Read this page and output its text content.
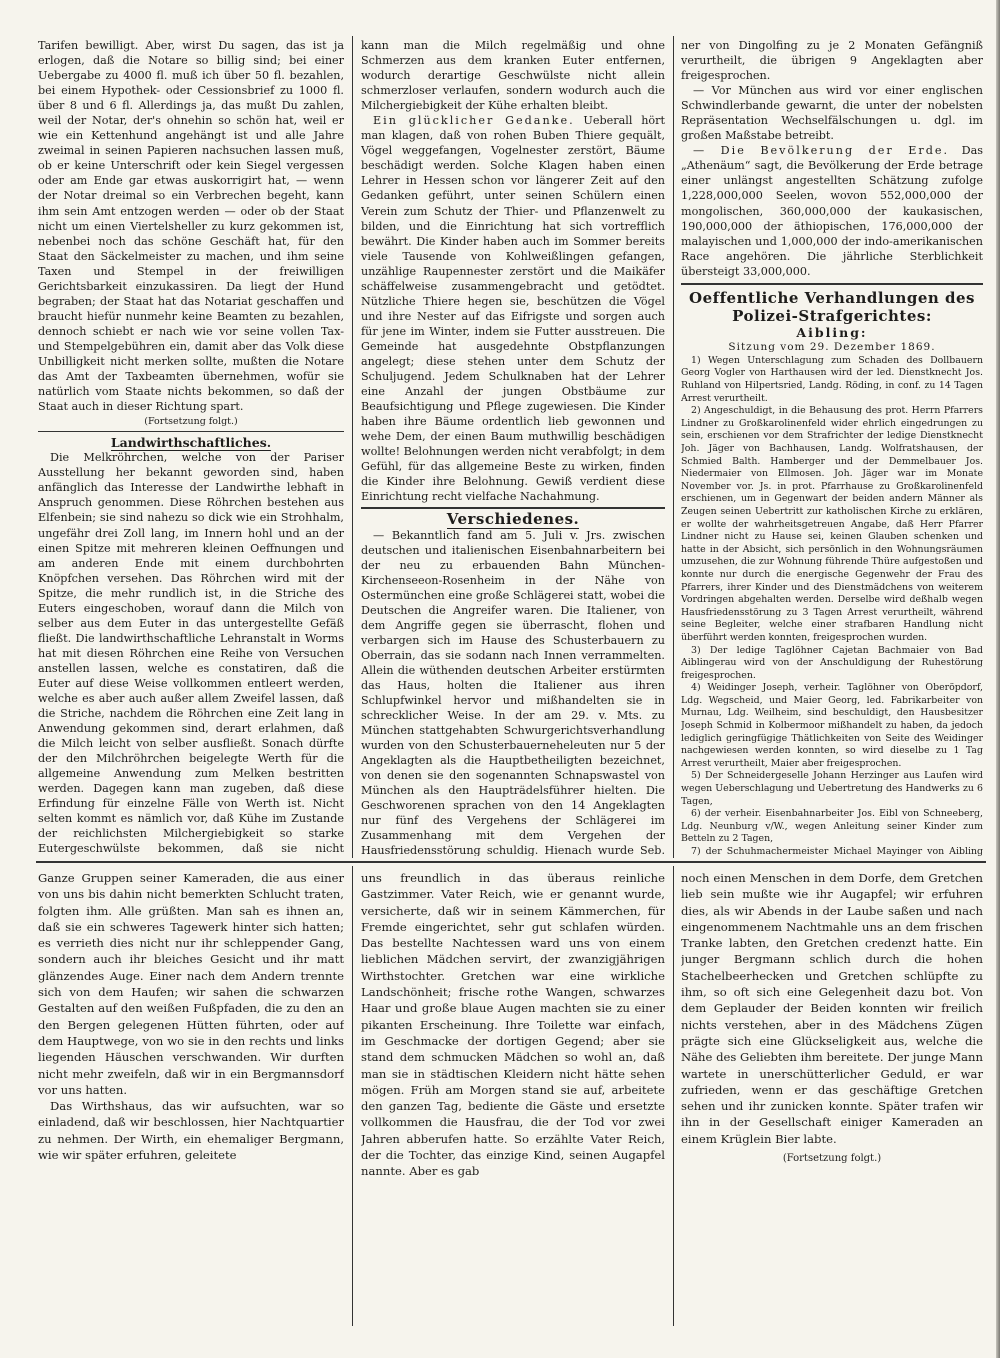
Tarifen bewilligt. Aber, wirst Du sagen, das ist ja erlogen, daß die Notare so billig sind; bei einer Uebergabe zu 4000 fl. muß ich über 50 fl. bezahlen, bei einem Hypothek- oder Cessionsbrief zu 1000 fl. über 8 und 6 fl. Allerdings ja, das mußt Du zahlen, weil der Notar, der's ohnehin so schön hat, weil er wie ein Kettenhund angehängt ist und alle Jahre zweimal in seinen Papieren nachsuchen lassen muß, ob er keine Unterschrift oder kein Siegel vergessen oder am Ende gar etwas auskorrigirt hat, — wenn der Notar dreimal so ein Verbrechen begeht, kann ihm sein Amt entzogen werden — oder ob der Staat nicht um einen Viertelsheller zu kurz gekommen ist, nebenbei noch das schöne Geschäft hat, für den Staat den Säckelmeister zu machen, und ihm seine Taxen und Stempel in der freiwilligen Gerichtsbarkeit einzukassiren. Da liegt der Hund begraben; der Staat hat das Notariat geschaffen und braucht hiefür nunmehr keine Beamten zu bezahlen, dennoch schiebt er nach wie vor seine vollen Tax- und Stempelgebühren ein, damit aber das Volk diese Unbilligkeit nicht merken sollte, mußten die Notare das Amt der Taxbeamten übernehmen, wofür sie natürlich vom Staate nichts bekommen, so daß der Staat auch in dieser Richtung spart.

(Fortsetzung folgt.)

Landwirthschaftliches.

Die Melkröhrchen, welche von der Pariser Ausstellung her bekannt geworden sind, haben anfänglich das Interesse der Landwirthe lebhaft in Anspruch genommen. Diese Röhrchen bestehen aus Elfenbein; sie sind nahezu so dick wie ein Strohhalm, ungefähr drei Zoll lang, im Innern hohl und an der einen Spitze mit mehreren kleinen Oeffnungen und am anderen Ende mit einem durchbohrten Knöpfchen versehen. Das Röhrchen wird mit der Spitze, die mehr rundlich ist, in die Striche des Euters eingeschoben, worauf dann die Milch von selber aus dem Euter in das untergestellte Gefäß fließt. Die landwirthschaftliche Lehranstalt in Worms hat mit diesen Röhrchen eine Reihe von Versuchen anstellen lassen, welche es constatiren, daß die Euter auf diese Weise vollkommen entleert werden, welche es aber auch außer allem Zweifel lassen, daß die Striche, nachdem die Röhrchen eine Zeit lang in Anwendung gekommen sind, derart erlahmen, daß die Milch leicht von selber ausfließt. Sonach dürfte der den Milchröhrchen beigelegte Werth für die allgemeine Anwendung zum Melken bestritten werden. Dagegen kann man zugeben, daß diese Erfindung für einzelne Fälle von Werth ist. Nicht selten kommt es nämlich vor, daß Kühe im Zustande der reichlichsten Milchergiebigkeit so starke Eutergeschwülste bekommen, daß sie nicht

kann man die Milch regelmäßig und ohne Schmerzen aus dem kranken Euter entfernen, wodurch derartige Geschwülste nicht allein schmerzloser verlaufen, sondern wodurch auch die Milchergiebigkeit der Kühe erhalten bleibt.

Ein glücklicher Gedanke. Ueberall hört man klagen, daß von rohen Buben Thiere gequält, Vögel weggefangen, Vogelnester zerstört, Bäume beschädigt werden. Solche Klagen haben einen Lehrer in Hessen schon vor längerer Zeit auf den Gedanken geführt, unter seinen Schülern einen Verein zum Schutz der Thier- und Pflanzenwelt zu bilden, und die Einrichtung hat sich vortrefflich bewährt. Die Kinder haben auch im Sommer bereits viele Tausende von Kohlweißlingen gefangen, unzählige Raupennester zerstört und die Maikäfer schäffelweise zusammengebracht und getödtet. Nützliche Thiere hegen sie, beschützen die Vögel und ihre Nester auf das Eifrigste und sorgen auch für jene im Winter, indem sie Futter ausstreuen. Die Gemeinde hat ausgedehnte Obstpflanzungen angelegt; diese stehen unter dem Schutz der Schuljugend. Jedem Schulknaben hat der Lehrer eine Anzahl der jungen Obstbäume zur Beaufsichtigung und Pflege zugewiesen. Die Kinder haben ihre Bäume ordentlich lieb gewonnen und wehe Dem, der einen Baum muthwillig beschädigen wollte! Belohnungen werden nicht verabfolgt; in dem Gefühl, für das allgemeine Beste zu wirken, finden die Kinder ihre Belohnung. Gewiß verdient diese Einrichtung recht vielfache Nachahmung.

Verschiedenes.

— Bekanntlich fand am 5. Juli v. Jrs. zwischen deutschen und italienischen Eisenbahnarbeitern bei der neu zu erbauenden Bahn München-Kirchenseeon-Rosenheim in der Nähe von Ostermünchen eine große Schlägerei statt, wobei die Deutschen die Angreifer waren. Die Italiener, von dem Angriffe gegen sie überrascht, flohen und verbargen sich im Hause des Schusterbauern zu Oberrain, das sie sodann nach Innen verrammelten. Allein die wüthenden deutschen Arbeiter erstürmten das Haus, holten die Italiener aus ihren Schlupfwinkel hervor und mißhandelten sie in schrecklicher Weise. In der am 29. v. Mts. zu München stattgehabten Schwurgerichtsverhandlung wurden von den Schusterbauerneheleuten nur 5 der Angeklagten als die Hauptbetheiligten bezeichnet, von denen sie den sogenannten Schnapswastel von München als den Haupträdelsführer hielten. Die Geschworenen sprachen von den 14 Angeklagten nur fünf des Vergehens der Schlägerei im Zusammenhang mit dem Vergehen der Hausfriedensstörung schuldig. Hienach wurde Seb.

ner von Dingolfing zu je 2 Monaten Gefängniß verurtheilt, die übrigen 9 Angeklagten aber freigesprochen.

— Vor München aus wird vor einer englischen Schwindlerbande gewarnt, die unter der nobelsten Repräsentation Wechselfälschungen u. dgl. im großen Maßstabe betreibt.

— Die Bevölkerung der Erde. Das „Athenäum“ sagt, die Bevölkerung der Erde betrage einer unlängst angestellten Schätzung zufolge 1,228,000,000 Seelen, wovon 552,000,000 der mongolischen, 360,000,000 der kaukasischen, 190,000,000 der äthiopischen, 176,000,000 der malayischen und 1,000,000 der indo-amerikanischen Race angehören. Die jährliche Sterblichkeit übersteigt 33,000,000.

Oeffentliche Verhandlungen des Polizei-Strafgerichtes:

Aibling:

Sitzung vom 29. Dezember 1869.

1) Wegen Unterschlagung zum Schaden des Dollbauern Georg Vogler von Harthausen wird der led. Dienstknecht Jos. Ruhland von Hilpertsried, Landg. Röding, in conf. zu 14 Tagen Arrest verurtheilt.

2) Angeschuldigt, in die Behausung des prot. Herrn Pfarrers Lindner zu Großkarolinenfeld wider ehrlich eingedrungen zu sein, erschienen vor dem Strafrichter der ledige Dienstknecht Joh. Jäger von Bachhausen, Landg. Wolfratshausen, der Schmied Balth. Hamberger und der Demmelbauer Jos. Niedermaier von Ellmosen. Joh. Jäger war im Monate November vor. Js. in prot. Pfarrhause zu Großkarolinenfeld erschienen, um in Gegenwart der beiden andern Männer als Zeugen seinen Uebertritt zur katholischen Kirche zu erklären, er wollte der wahrheitsgetreuen Angabe, daß Herr Pfarrer Lindner nicht zu Hause sei, keinen Glauben schenken und hatte in der Absicht, sich persönlich in den Wohnungsräumen umzusehen, die zur Wohnung führende Thüre aufgestoßen und konnte nur durch die energische Gegenwehr der Frau des Pfarrers, ihrer Kinder und des Dienstmädchens von weiterem Vordringen abgehalten werden. Derselbe wird deßhalb wegen Hausfriedensstörung zu 3 Tagen Arrest verurtheilt, während seine Begleiter, welche einer strafbaren Handlung nicht überführt werden konnten, freigesprochen wurden.

3) Der ledige Taglöhner Cajetan Bachmaier von Bad Aiblingerau wird von der Anschuldigung der Ruhestörung freigesprochen.

4) Weidinger Joseph, verheir. Taglöhner von Oberöpdorf, Ldg. Wegscheid, und Maier Georg, led. Fabrikarbeiter von Murnau, Ldg. Weilheim, sind beschuldigt, den Hausbesitzer Joseph Schmid in Kolbermoor mißhandelt zu haben, da jedoch lediglich geringfügige Thätlichkeiten von Seite des Weidinger nachgewiesen werden konnten, so wird dieselbe zu 1 Tag Arrest verurtheilt, Maier aber freigesprochen.

5) Der Schneidergeselle Johann Herzinger aus Laufen wird wegen Ueberschlagung und Uebertretung des Handwerks zu 6 Tagen,

6) der verheir. Eisenbahnarbeiter Jos. Eibl von Schneeberg, Ldg. Neunburg v/W., wegen Anleitung seiner Kinder zum Betteln zu 2 Tagen,

7) der Schuhmachermeister Michael Mayinger von Aibling

Ganze Gruppen seiner Kameraden, die aus einer von uns bis dahin nicht bemerkten Schlucht traten, folgten ihm. Alle grüßten. Man sah es ihnen an, daß sie ein schweres Tagewerk hinter sich hatten; es verrieth dies nicht nur ihr schleppender Gang, sondern auch ihr bleiches Gesicht und ihr matt glänzendes Auge. Einer nach dem Andern trennte sich von dem Haufen; wir sahen die schwarzen Gestalten auf den weißen Fußpfaden, die zu den an den Bergen gelegenen Hütten führten, oder auf dem Hauptwege, von wo sie in den rechts und links liegenden Häuschen verschwanden. Wir durften nicht mehr zweifeln, daß wir in ein Bergmannsdorf vor uns hatten.

Das Wirthshaus, das wir aufsuchten, war so einladend, daß wir beschlossen, hier Nachtquartier zu nehmen. Der Wirth, ein ehemaliger Bergmann, wie wir später erfuhren, geleitete

uns freundlich in das überaus reinliche Gastzimmer. Vater Reich, wie er genannt wurde, versicherte, daß wir in seinem Kämmerchen, für Fremde eingerichtet, sehr gut schlafen würden. Das bestellte Nachtessen ward uns von einem lieblichen Mädchen servirt, der zwanzigjährigen Wirthstochter. Gretchen war eine wirkliche Landschönheit; frische rothe Wangen, schwarzes Haar und große blaue Augen machten sie zu einer pikanten Erscheinung. Ihre Toilette war einfach, im Geschmacke der dortigen Gegend; aber sie stand dem schmucken Mädchen so wohl an, daß man sie in städtischen Kleidern nicht hätte sehen mögen. Früh am Morgen stand sie auf, arbeitete den ganzen Tag, bediente die Gäste und ersetzte vollkommen die Hausfrau, die der Tod vor zwei Jahren abberufen hatte. So erzählte Vater Reich, der die Tochter, das einzige Kind, seinen Augapfel nannte. Aber es gab

noch einen Menschen in dem Dorfe, dem Gretchen lieb sein mußte wie ihr Augapfel; wir erfuhren dies, als wir Abends in der Laube saßen und nach eingenommenem Nachtmahle uns an dem frischen Tranke labten, den Gretchen credenzt hatte. Ein junger Bergmann schlich durch die hohen Stachelbeerhecken und Gretchen schlüpfte zu ihm, so oft sich eine Gelegenheit dazu bot. Von dem Geplauder der Beiden konnten wir freilich nichts verstehen, aber in des Mädchens Zügen prägte sich eine Glückseligkeit aus, welche die Nähe des Geliebten ihm bereitete. Der junge Mann wartete in unerschütterlicher Geduld, er war zufrieden, wenn er das geschäftige Gretchen sehen und ihr zunicken konnte. Später trafen wir ihn in der Gesellschaft einiger Kameraden an einem Krüglein Bier labte.

(Fortsetzung folgt.)
